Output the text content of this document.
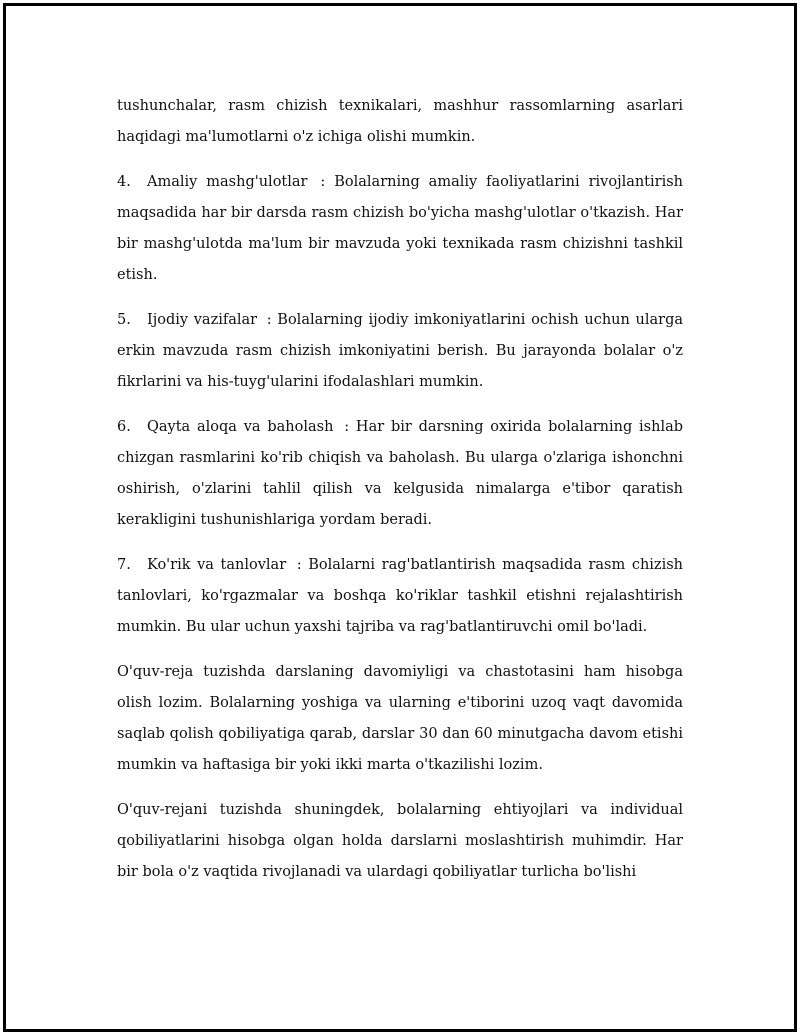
tushunchalar, rasm chizish texnikalari, mashhur rassomlarning asarlari haqidagi ma'lumotlarni o'z ichiga olishi mumkin.

4. Amaliy mashg'ulotlar : Bolalarning amaliy faoliyatlarini rivojlantirish maqsadida har bir darsda rasm chizish bo'yicha mashg'ulotlar o'tkazish. Har bir mashg'ulotda ma'lum bir mavzuda yoki texnikada rasm chizishni tashkil etish.

5. Ijodiy vazifalar : Bolalarning ijodiy imkoniyatlarini ochish uchun ularga erkin mavzuda rasm chizish imkoniyatini berish. Bu jarayonda bolalar o'z fikrlarini va his-tuyg'ularini ifodalashlari mumkin.

6. Qayta aloqa va baholash : Har bir darsning oxirida bolalarning ishlab chizgan rasmlarini ko'rib chiqish va baholash. Bu ularga o'zlariga ishonchni oshirish, o'zlarini tahlil qilish va kelgusida nimalarga e'tibor qaratish kerakligini tushunishlariga yordam beradi.

7. Ko'rik va tanlovlar : Bolalarni rag'batlantirish maqsadida rasm chizish tanlovlari, ko'rgazmalar va boshqa ko'riklar tashkil etishni rejalashtirish mumkin. Bu ular uchun yaxshi tajriba va rag'batlantiruvchi omil bo'ladi.

O'quv-reja tuzishda darslaning davomiyligi va chastotasini ham hisobga olish lozim. Bolalarning yoshiga va ularning e'tiborini uzoq vaqt davomida saqlab qolish qobiliyatiga qarab, darslar 30 dan 60 minutgacha davom etishi mumkin va haftasiga bir yoki ikki marta o'tkazilishi lozim.

O'quv-rejani tuzishda shuningdek, bolalarning ehtiyojlari va individual qobiliyatlarini hisobga olgan holda darslarni moslashtirish muhimdir. Har bir bola o'z vaqtida rivojlanadi va ulardagi qobiliyatlar turlicha bo'lishi
